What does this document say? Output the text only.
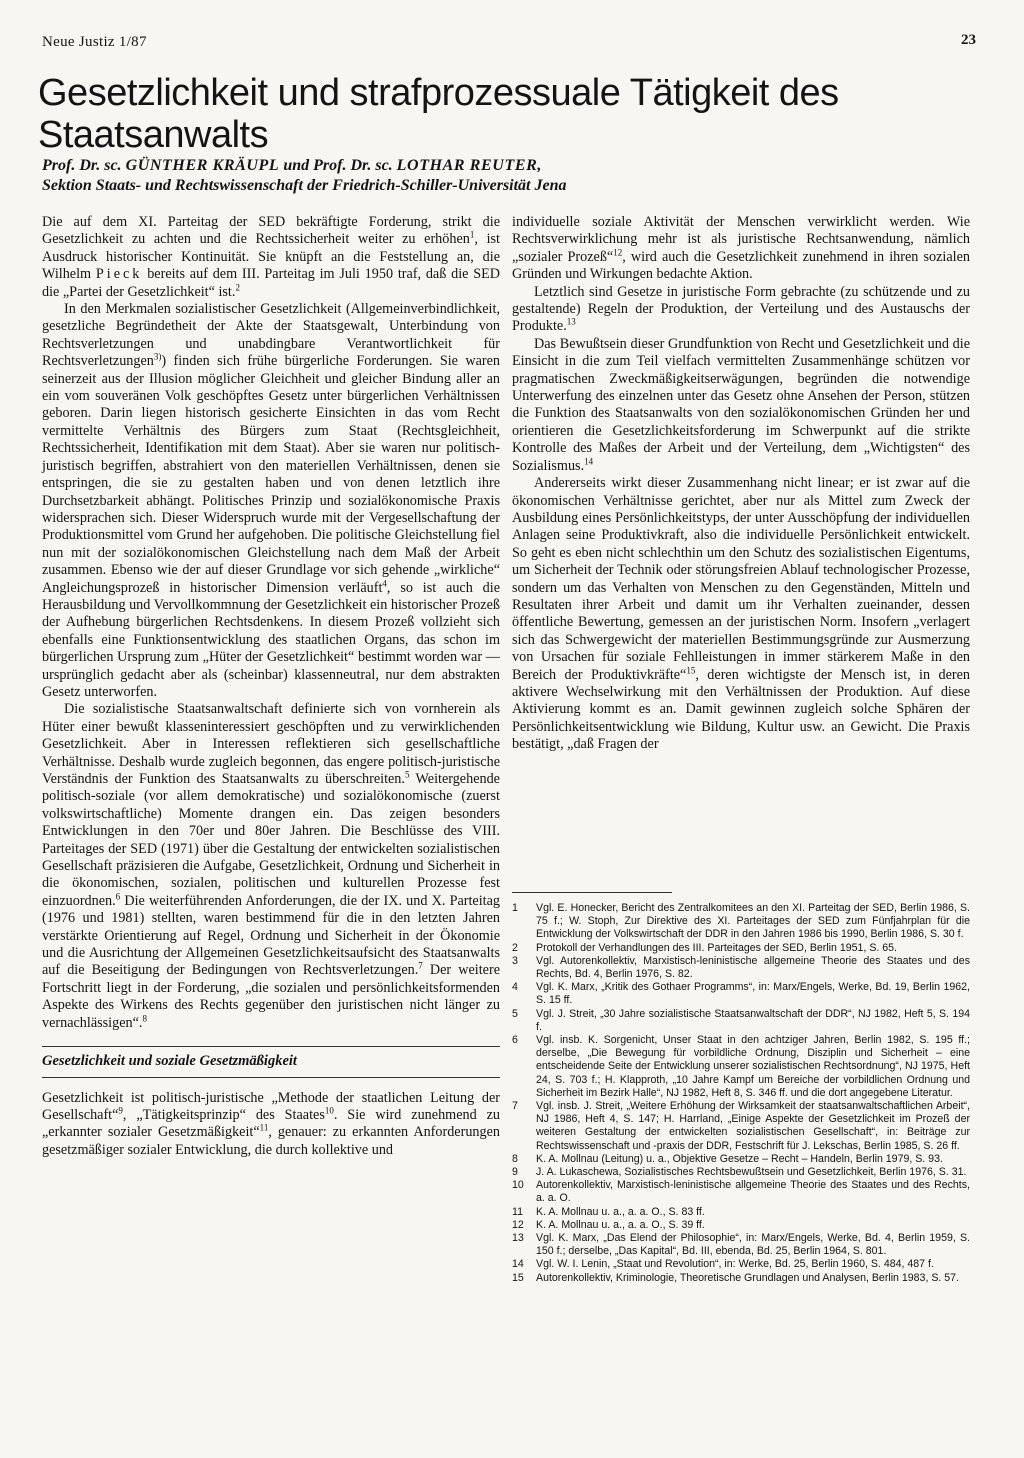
Neue Justiz 1/87	23
Gesetzlichkeit und strafprozessuale Tätigkeit des Staatsanwalts
Prof. Dr. sc. GÜNTHER KRÄUPL und Prof. Dr. sc. LOTHAR REUTER,
Sektion Staats- und Rechtswissenschaft der Friedrich-Schiller-Universität Jena

Die auf dem XI. Parteitag der SED bekräftigte Forderung, strikt die Gesetzlichkeit zu achten und die Rechtssicherheit weiter zu erhöhen$^1$, ist Ausdruck historischer Kontinuität. Sie knüpft an die Feststellung an, die Wilhelm Pieck bereits auf dem III. Parteitag im Juli 1950 traf, daß die SED die „Partei der Gesetzlichkeit“ ist.$^2$

In den Merkmalen sozialistischer Gesetzlichkeit (Allgemeinverbindlichkeit, gesetzliche Begründetheit der Akte der Staatsgewalt, Unterbindung von Rechtsverletzungen und unabdingbare Verantwortlichkeit für Rechtsverletzungen$^{3)}$) finden sich frühe bürgerliche Forderungen. Sie waren seinerzeit aus der Illusion möglicher Gleichheit und gleicher Bindung aller an ein vom souveränen Volk geschöpftes Gesetz unter bürgerlichen Verhältnissen geboren. Darin liegen historisch gesicherte Einsichten in das vom Recht vermittelte Verhältnis des Bürgers zum Staat (Rechtsgleichheit, Rechtssicherheit, Identifikation mit dem Staat). Aber sie waren nur politisch-juristisch begriffen, abstrahiert von den materiellen Verhältnissen, denen sie entspringen, die sie zu gestalten haben und von denen letztlich ihre Durchsetzbarkeit abhängt. Politisches Prinzip und sozialökonomische Praxis widersprachen sich. Dieser Widerspruch wurde mit der Vergesellschaftung der Produktionsmittel vom Grund her aufgehoben. Die politische Gleichstellung fiel nun mit der sozialökonomischen Gleichstellung nach dem Maß der Arbeit zusammen. Ebenso wie der auf dieser Grundlage vor sich gehende „wirkliche“ Angleichungsprozeß in historischer Dimension verläuft$^4$, so ist auch die Herausbildung und Vervollkommnung der Gesetzlichkeit ein historischer Prozeß der Aufhebung bürgerlichen Rechtsdenkens. In diesem Prozeß vollzieht sich ebenfalls eine Funktionsentwicklung des staatlichen Organs, das schon im bürgerlichen Ursprung zum „Hüter der Gesetzlichkeit“ bestimmt worden war — ursprünglich gedacht aber als (scheinbar) klassenneutral, nur dem abstrakten Gesetz unterworfen.

Die sozialistische Staatsanwaltschaft definierte sich von vornherein als Hüter einer bewußt klasseninteressiert geschöpften und zu verwirklichenden Gesetzlichkeit. Aber in Interessen reflektieren sich gesellschaftliche Verhältnisse. Deshalb wurde zugleich begonnen, das engere politisch-juristische Verständnis der Funktion des Staatsanwalts zu überschreiten.$^5$ Weitergehende politisch-soziale (vor allem demokratische) und sozialökonomische (zuerst volkswirtschaftliche) Momente drangen ein. Das zeigen besonders Entwicklungen in den 70er und 80er Jahren. Die Beschlüsse des VIII. Parteitages der SED (1971) über die Gestaltung der entwickelten sozialistischen Gesellschaft präzisieren die Aufgabe, Gesetzlichkeit, Ordnung und Sicherheit in die ökonomischen, sozialen, politischen und kulturellen Prozesse fest einzuordnen.$^6$ Die weiterführenden Anforderungen, die der IX. und X. Parteitag (1976 und 1981) stellten, waren bestimmend für die in den letzten Jahren verstärkte Orientierung auf Regel, Ordnung und Sicherheit in der Ökonomie und die Ausrichtung der Allgemeinen Gesetzlichkeitsaufsicht des Staatsanwalts auf die Beseitigung der Bedingungen von Rechtsverletzungen.$^7$ Der weitere Fortschritt liegt in der Forderung, „die sozialen und persönlichkeitsformenden Aspekte des Wirkens des Rechts gegenüber den juristischen nicht länger zu vernachlässigen“.$^8$

Gesetzlichkeit und soziale Gesetzmäßigkeit

Gesetzlichkeit ist politisch-juristische „Methode der staatlichen Leitung der Gesellschaft“$^9$, „Tätigkeitsprinzip“ des Staates$^{10}$. Sie wird zunehmend zu „erkannter sozialer Gesetzmäßigkeit“$^{11}$, genauer: zu erkannten Anforderungen gesetzmäßiger sozialer Entwicklung, die durch kollektive und

individuelle soziale Aktivität der Menschen verwirklicht werden. Wie Rechtsverwirklichung mehr ist als juristische Rechtsanwendung, nämlich „sozialer Prozeß“$^{12}$, wird auch die Gesetzlichkeit zunehmend in ihren sozialen Gründen und Wirkungen bedachte Aktion.

Letztlich sind Gesetze in juristische Form gebrachte (zu schützende und zu gestaltende) Regeln der Produktion, der Verteilung und des Austauschs der Produkte.$^{13}$

Das Bewußtsein dieser Grundfunktion von Recht und Gesetzlichkeit und die Einsicht in die zum Teil vielfach vermittelten Zusammenhänge schützen vor pragmatischen Zweckmäßigkeitserwägungen, begründen die notwendige Unterwerfung des einzelnen unter das Gesetz ohne Ansehen der Person, stützen die Funktion des Staatsanwalts von den sozialökonomischen Gründen her und orientieren die Gesetzlichkeitsforderung im Schwerpunkt auf die strikte Kontrolle des Maßes der Arbeit und der Verteilung, dem „Wichtigsten“ des Sozialismus.$^{14}$

Andererseits wirkt dieser Zusammenhang nicht linear; er ist zwar auf die ökonomischen Verhältnisse gerichtet, aber nur als Mittel zum Zweck der Ausbildung eines Persönlichkeitstyps, der unter Ausschöpfung der individuellen Anlagen seine Produktivkraft, also die individuelle Persönlichkeit entwickelt. So geht es eben nicht schlechthin um den Schutz des sozialistischen Eigentums, um Sicherheit der Technik oder störungsfreien Ablauf technologischer Prozesse, sondern um das Verhalten von Menschen zu den Gegenständen, Mitteln und Resultaten ihrer Arbeit und damit um ihr Verhalten zueinander, dessen öffentliche Bewertung, gemessen an der juristischen Norm. Insofern „verlagert sich das Schwergewicht der materiellen Bestimmungsgründe zur Ausmerzung von Ursachen für soziale Fehlleistungen in immer stärkerem Maße in den Bereich der Produktivkräfte“$^{15}$, deren wichtigste der Mensch ist, in deren aktivere Wechselwirkung mit den Verhältnissen der Produktion. Auf diese Aktivierung kommt es an. Damit gewinnen zugleich solche Sphären der Persönlichkeitsentwicklung wie Bildung, Kultur usw. an Gewicht. Die Praxis bestätigt, „daß Fragen der

1	Vgl. E. Honecker, Bericht des Zentralkomitees an den XI. Parteitag der SED, Berlin 1986, S. 75 f.; W. Stoph, Zur Direktive des XI. Parteitages der SED zum Fünfjahrplan für die Entwicklung der Volkswirtschaft der DDR in den Jahren 1986 bis 1990, Berlin 1986, S. 30 f.
2	Protokoll der Verhandlungen des III. Parteitages der SED, Berlin 1951, S. 65.
3	Vgl. Autorenkollektiv, Marxistisch-leninistische allgemeine Theorie des Staates und des Rechts, Bd. 4, Berlin 1976, S. 82.
4	Vgl. K. Marx, „Kritik des Gothaer Programms“, in: Marx/Engels, Werke, Bd. 19, Berlin 1962, S. 15 ff.
5	Vgl. J. Streit, „30 Jahre sozialistische Staatsanwaltschaft der DDR“, NJ 1982, Heft 5, S. 194 f.
6	Vgl. insb. K. Sorgenicht, Unser Staat in den achtziger Jahren, Berlin 1982, S. 195 ff.; derselbe, „Die Bewegung für vorbildliche Ordnung, Disziplin und Sicherheit – eine entscheidende Seite der Entwicklung unserer sozialistischen Rechtsordnung“, NJ 1975, Heft 24, S. 703 f.; H. Klapproth, „10 Jahre Kampf um Bereiche der vorbildlichen Ordnung und Sicherheit im Bezirk Halle“, NJ 1982, Heft 8, S. 346 ff. und die dort angegebene Literatur.
7	Vgl. insb. J. Streit, „Weitere Erhöhung der Wirksamkeit der staatsanwaltschaftlichen Arbeit“, NJ 1986, Heft 4, S. 147; H. Harrland, „Einige Aspekte der Gesetzlichkeit im Prozeß der weiteren Gestaltung der entwickelten sozialistischen Gesellschaft“, in: Beiträge zur Rechtswissenschaft und -praxis der DDR, Festschrift für J. Lekschas, Berlin 1985, S. 26 ff.
8	K. A. Mollnau (Leitung) u. a., Objektive Gesetze – Recht – Handeln, Berlin 1979, S. 93.
9	J. A. Lukaschewa, Sozialistisches Rechtsbewußtsein und Gesetzlichkeit, Berlin 1976, S. 31.
10	Autorenkollektiv, Marxistisch-leninistische allgemeine Theorie des Staates und des Rechts, a. a. O.
11	K. A. Mollnau u. a., a. a. O., S. 83 ff.
12	K. A. Mollnau u. a., a. a. O., S. 39 ff.
13	Vgl. K. Marx, „Das Elend der Philosophie“, in: Marx/Engels, Werke, Bd. 4, Berlin 1959, S. 150 f.; derselbe, „Das Kapital“, Bd. III, ebenda, Bd. 25, Berlin 1964, S. 801.
14	Vgl. W. I. Lenin, „Staat und Revolution“, in: Werke, Bd. 25, Berlin 1960, S. 484, 487 f.
15	Autorenkollektiv, Kriminologie, Theoretische Grundlagen und Analysen, Berlin 1983, S. 57.
